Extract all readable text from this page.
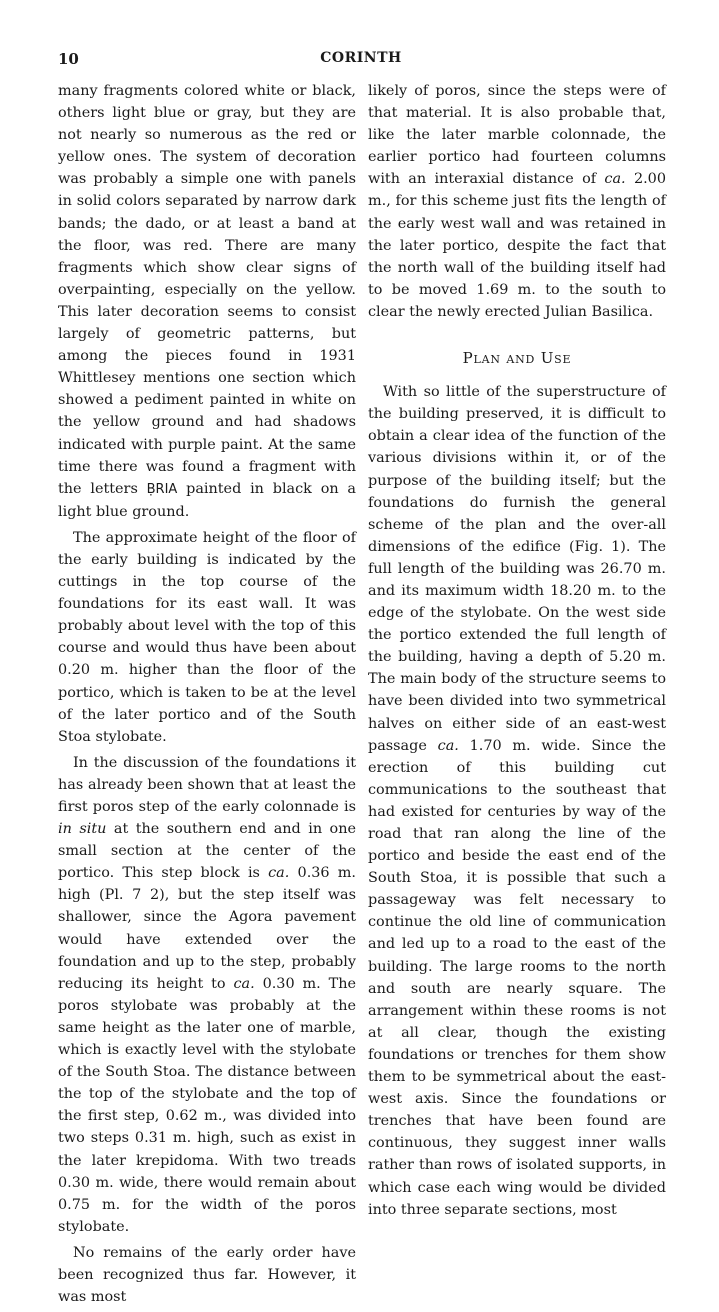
10	CORINTH

many fragments colored white or black, others light blue or gray, but they are not nearly so numerous as the red or yellow ones. The system of decoration was probably a simple one with panels in solid colors separated by narrow dark bands; the dado, or at least a band at the floor, was red. There are many fragments which show clear signs of overpainting, especially on the yellow. This later decoration seems to consist largely of geometric patterns, but among the pieces found in 1931 Whittlesey mentions one section which showed a pediment painted in white on the yellow ground and had shadows indicated with purple paint. At the same time there was found a fragment with the letters ḄRIA painted in black on a light blue ground.

The approximate height of the floor of the early building is indicated by the cuttings in the top course of the foundations for its east wall. It was probably about level with the top of this course and would thus have been about 0.20 m. higher than the floor of the portico, which is taken to be at the level of the later portico and of the South Stoa stylobate.

In the discussion of the foundations it has already been shown that at least the first poros step of the early colonnade is in situ at the southern end and in one small section at the center of the portico. This step block is ca. 0.36 m. high (Pl. 7 2), but the step itself was shallower, since the Agora pavement would have extended over the foundation and up to the step, probably reducing its height to ca. 0.30 m. The poros stylobate was probably at the same height as the later one of marble, which is exactly level with the stylobate of the South Stoa. The distance between the top of the stylobate and the top of the first step, 0.62 m., was divided into two steps 0.31 m. high, such as exist in the later krepidoma. With two treads 0.30 m. wide, there would remain about 0.75 m. for the width of the poros stylobate.

No remains of the early order have been recognized thus far. However, it was most

likely of poros, since the steps were of that material. It is also probable that, like the later marble colonnade, the earlier portico had fourteen columns with an interaxial distance of ca. 2.00 m., for this scheme just fits the length of the early west wall and was retained in the later portico, despite the fact that the north wall of the building itself had to be moved 1.69 m. to the south to clear the newly erected Julian Basilica.

Plan and Use

With so little of the superstructure of the building preserved, it is difficult to obtain a clear idea of the function of the various divisions within it, or of the purpose of the building itself; but the foundations do furnish the general scheme of the plan and the over-all dimensions of the edifice (Fig. 1). The full length of the building was 26.70 m. and its maximum width 18.20 m. to the edge of the stylobate. On the west side the portico extended the full length of the building, having a depth of 5.20 m. The main body of the structure seems to have been divided into two symmetrical halves on either side of an east-west passage ca. 1.70 m. wide. Since the erection of this building cut communications to the southeast that had existed for centuries by way of the road that ran along the line of the portico and beside the east end of the South Stoa, it is possible that such a passageway was felt necessary to continue the old line of communication and led up to a road to the east of the building. The large rooms to the north and south are nearly square. The arrangement within these rooms is not at all clear, though the existing foundations or trenches for them show them to be symmetrical about the east-west axis. Since the foundations or trenches that have been found are continuous, they suggest inner walls rather than rows of isolated supports, in which case each wing would be divided into three separate sections, most
